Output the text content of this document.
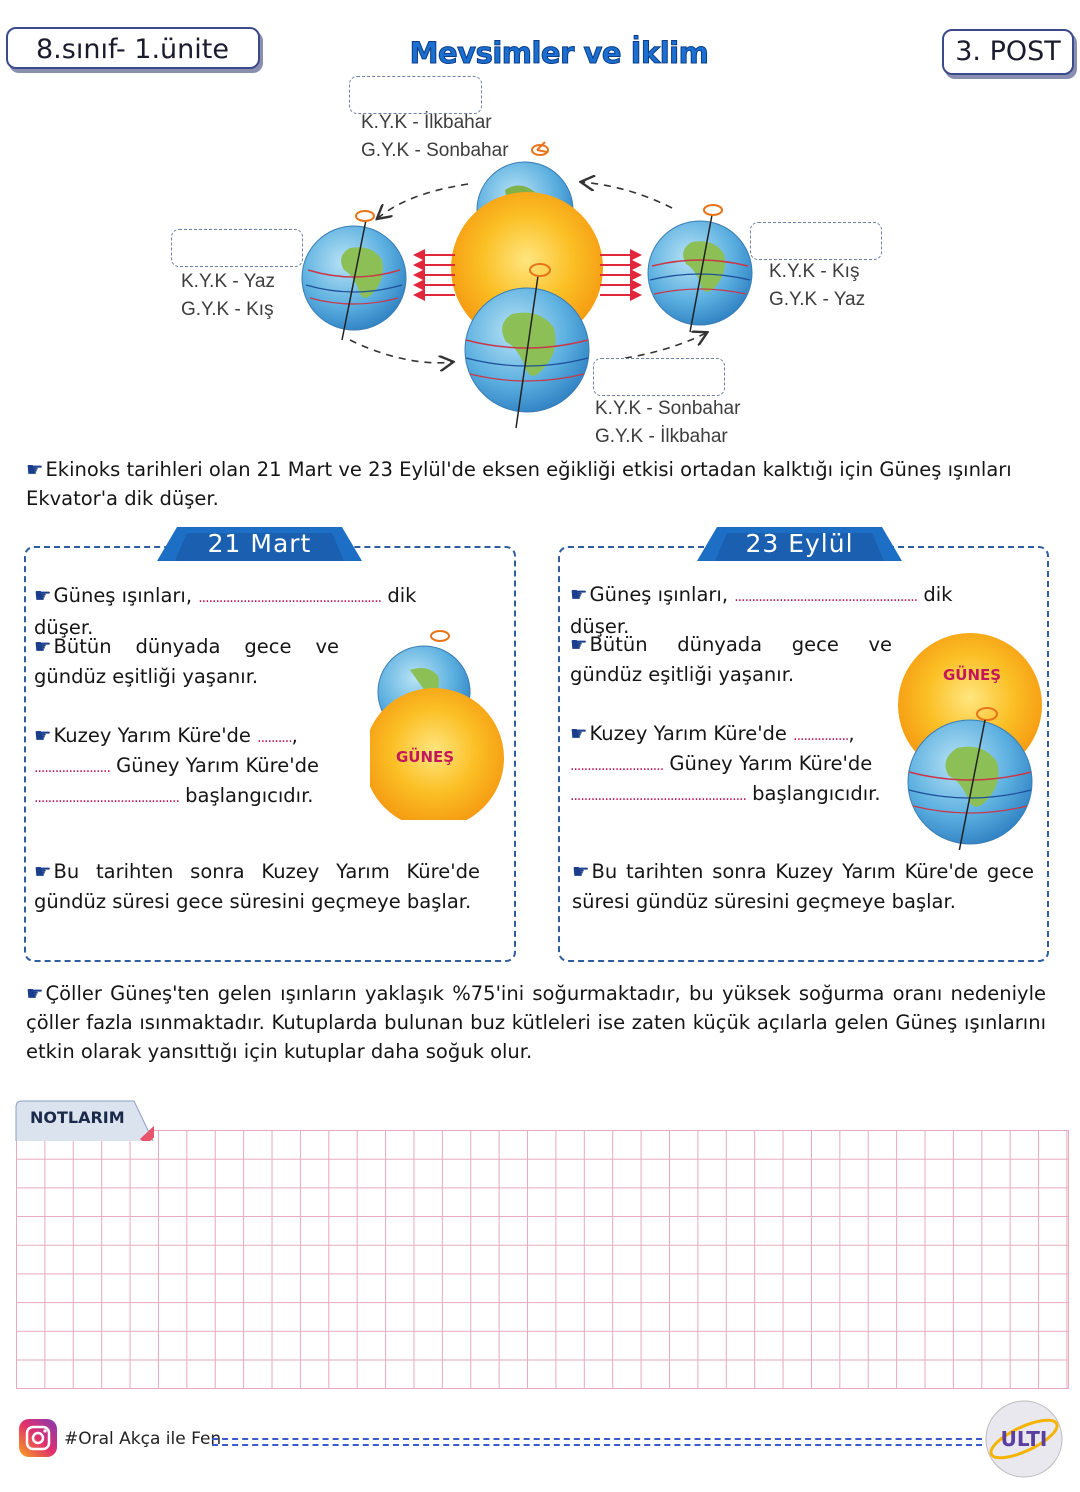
8.sınıf- 1.ünite	Mevsimler ve İklim	3. POST
K.Y.K - İlkbahar
G.Y.K - Sonbahar
K.Y.K - Yaz
G.Y.K - Kış
K.Y.K - Kış
G.Y.K - Yaz
K.Y.K - Sonbahar
G.Y.K - İlkbahar
☛ Ekinoks tarihleri olan 21 Mart ve 23 Eylül'de eksen eğikliği etkisi ortadan kalktığı için Güneş ışınları Ekvator'a dik düşer.
21 Mart
☛ Güneş ışınları, ..................................................... dik düşer.
☛ Bütün dünyada gece ve
gündüz eşitliği yaşanır.
☛ Kuzey Yarım Küre'de ..........,
...................... Güney Yarım Küre'de
.......................................... başlangıcıdır.
GÜNEŞ
☛ Bu tarihten sonra Kuzey Yarım Küre'de gündüz süresi gece süresini geçmeye başlar.
23 Eylül
☛ Güneş ışınları, ..................................................... dik düşer.
☛ Bütün dünyada gece ve
gündüz eşitliği yaşanır.
☛ Kuzey Yarım Küre'de ................,
........................... Güney Yarım Küre'de
................................................... başlangıcıdır.
GÜNEŞ
☛ Bu tarihten sonra Kuzey Yarım Küre'de gece süresi gündüz süresini geçmeye başlar.
☛ Çöller Güneş'ten gelen ışınların yaklaşık %75'ini soğurmaktadır, bu yüksek soğurma oranı nedeniyle çöller fazla ısınmaktadır. Kutuplarda bulunan buz kütleleri ise zaten küçük açılarla gelen Güneş ışınlarını etkin olarak yansıttığı için kutuplar daha soğuk olur.
NOTLARIM
#Oral Akça ile Fen	ULTI
